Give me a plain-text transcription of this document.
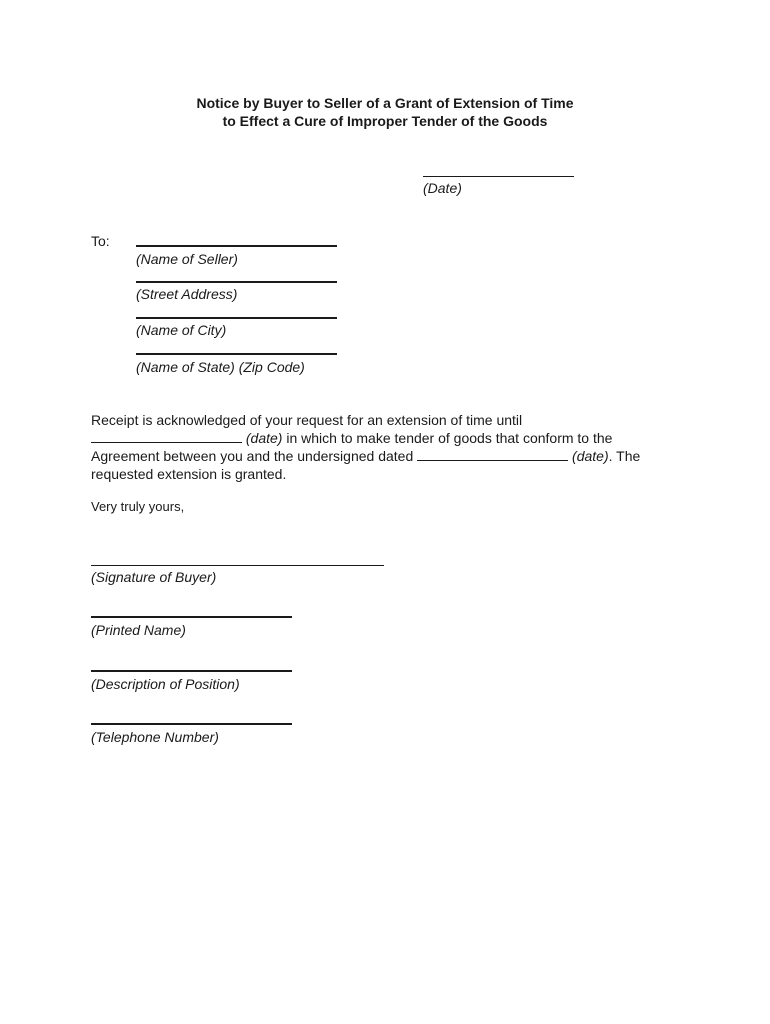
Notice by Buyer to Seller of a Grant of Extension of Time
to Effect a Cure of Improper Tender of the Goods
(Date)
To:
(Name of Seller)
(Street Address)
(Name of City)
(Name of State) (Zip Code)
Receipt is acknowledged of your request for an extension of time until
(date) in which to make tender of goods that conform to the
Agreement between you and the undersigned dated	(date). The
requested extension is granted.
Very truly yours,
(Signature of Buyer)
(Printed Name)
(Description of Position)
(Telephone Number)
